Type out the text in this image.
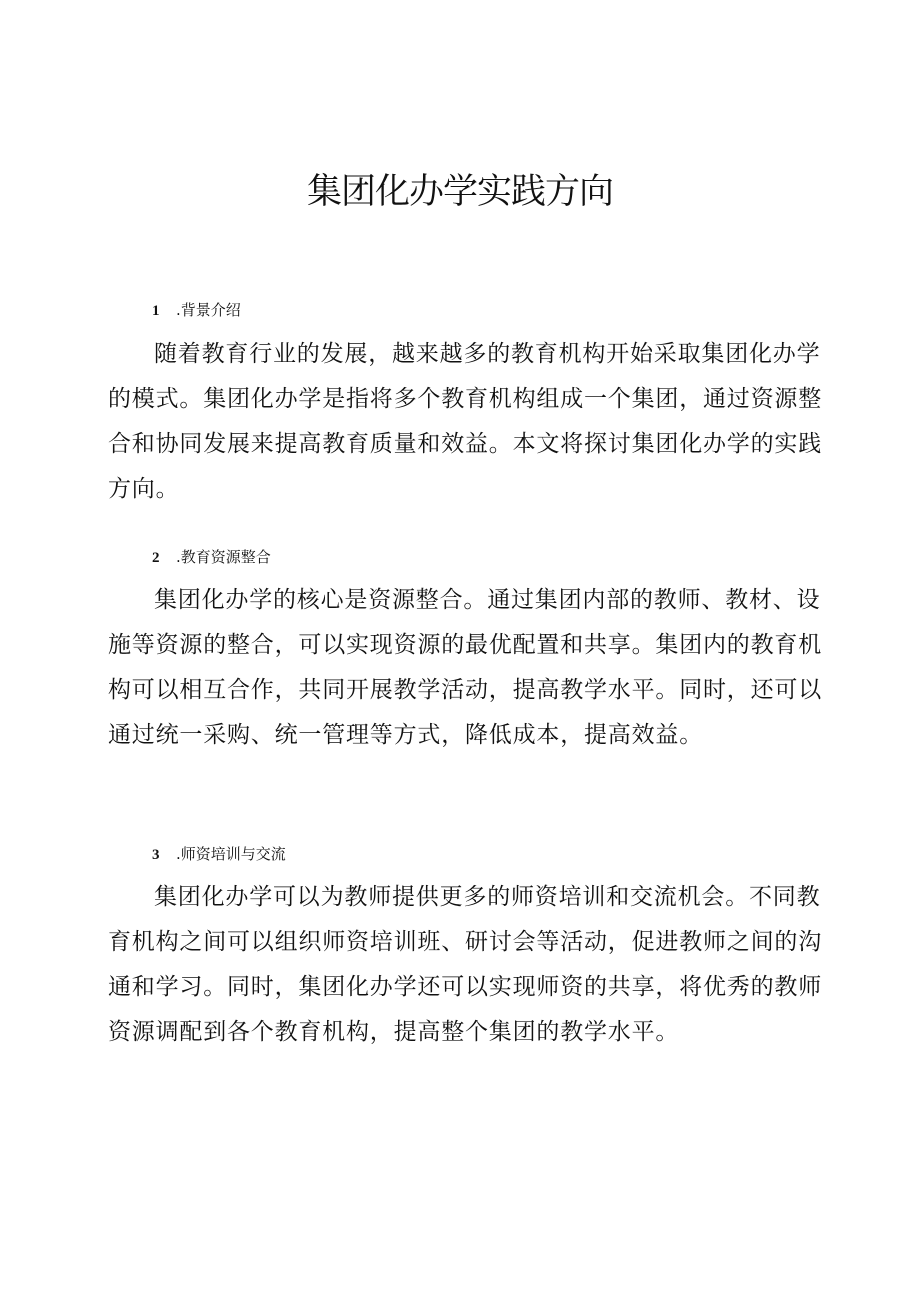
集团化办学实践方向
1 .背景介绍

随着教育行业的发展，越来越多的教育机构开始采取集团化办学的模式。集团化办学是指将多个教育机构组成一个集团，通过资源整合和协同发展来提高教育质量和效益。本文将探讨集团化办学的实践方向。

2 .教育资源整合

集团化办学的核心是资源整合。通过集团内部的教师、教材、设施等资源的整合，可以实现资源的最优配置和共享。集团内的教育机构可以相互合作，共同开展教学活动，提高教学水平。同时，还可以通过统一采购、统一管理等方式，降低成本，提高效益。

3 .师资培训与交流

集团化办学可以为教师提供更多的师资培训和交流机会。不同教育机构之间可以组织师资培训班、研讨会等活动，促进教师之间的沟通和学习。同时，集团化办学还可以实现师资的共享，将优秀的教师资源调配到各个教育机构，提高整个集团的教学水平。
